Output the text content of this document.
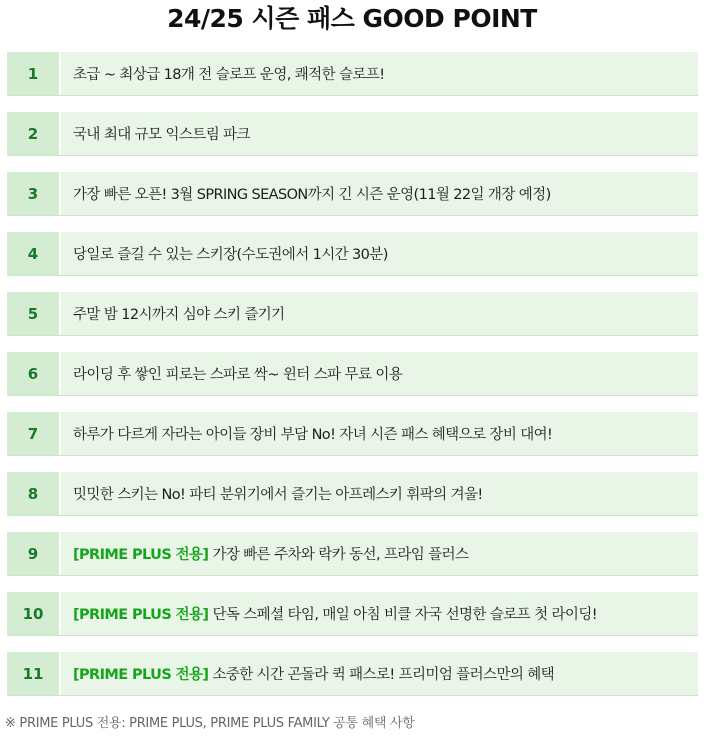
24/25 시즌 패스 GOOD POINT
1	초급 ~ 최상급 18개 전 슬로프 운영, 쾌적한 슬로프!
2	국내 최대 규모 익스트림 파크
3	가장 빠른 오픈! 3월 SPRING SEASON까지 긴 시즌 운영(11월 22일 개장 예정)
4	당일로 즐길 수 있는 스키장(수도권에서 1시간 30분)
5	주말 밤 12시까지 심야 스키 즐기기
6	라이딩 후 쌓인 피로는 스파로 싹~ 윈터 스파 무료 이용
7	하루가 다르게 자라는 아이들 장비 부담 No! 자녀 시즌 패스 혜택으로 장비 대여!
8	밋밋한 스키는 No! 파티 분위기에서 즐기는 아프레스키 휘팍의 겨울!
9	[PRIME PLUS 전용] 가장 빠른 주차와 락카 동선, 프라임 플러스
10	[PRIME PLUS 전용] 단독 스페셜 타임, 매일 아침 비클 자국 선명한 슬로프 첫 라이딩!
11	[PRIME PLUS 전용] 소중한 시간 곤돌라 퀵 패스로! 프리미엄 플러스만의 혜택
※ PRIME PLUS 전용: PRIME PLUS, PRIME PLUS FAMILY 공통 혜택 사항
